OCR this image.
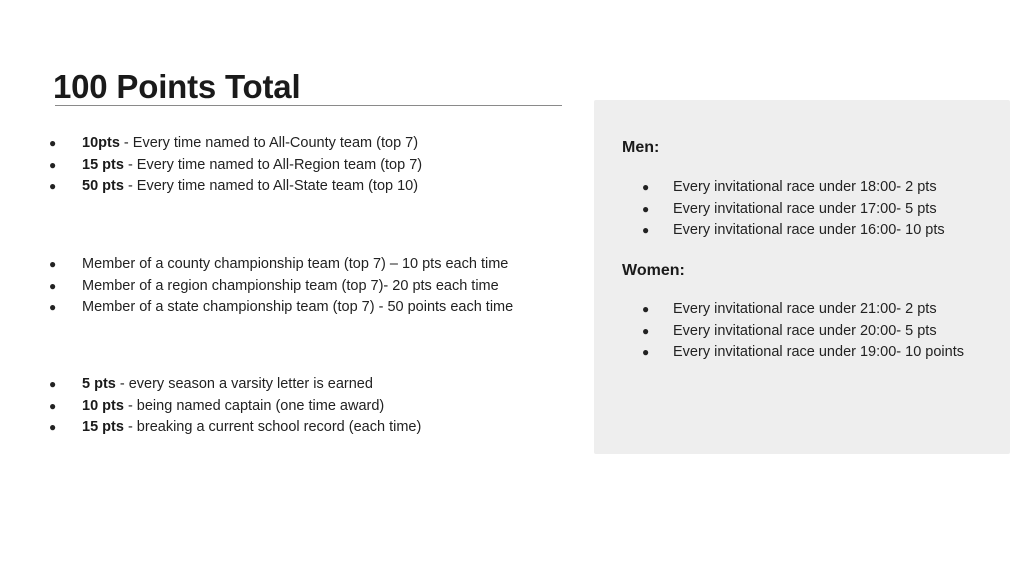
100 Points Total
● 10pts - Every time named to All-County team (top 7)
● 15 pts - Every time named to All-Region team (top 7)
● 50 pts - Every time named to All-State team (top 10)
● Member of a county championship team (top 7) – 10 pts each time
● Member of a region championship team (top 7)- 20 pts each time
● Member of a state championship team (top 7) - 50 points each time
● 5 pts - every season a varsity letter is earned
● 10 pts - being named captain (one time award)
● 15 pts - breaking a current school record (each time)
Men:
● Every invitational race under 18:00- 2 pts
● Every invitational race under 17:00- 5 pts
● Every invitational race under 16:00- 10 pts
Women:
● Every invitational race under 21:00- 2 pts
● Every invitational race under 20:00- 5 pts
● Every invitational race under 19:00- 10 points
